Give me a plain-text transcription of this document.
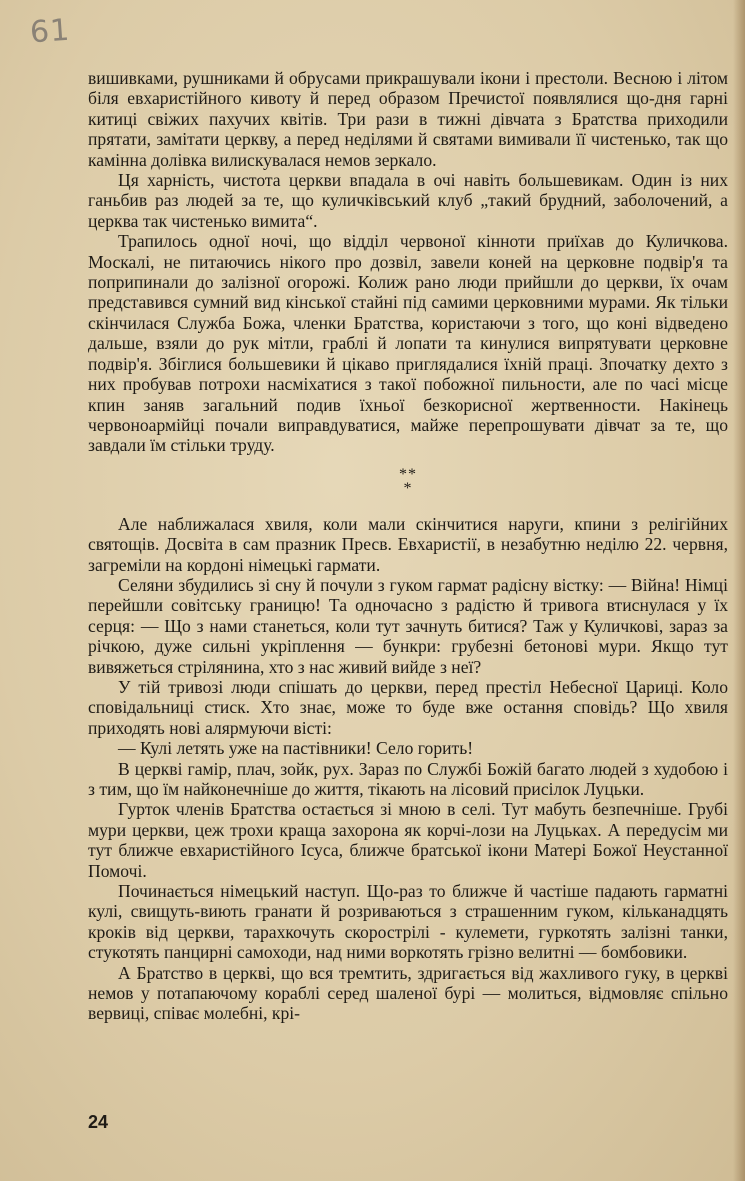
61

вишивками, рушниками й обрусами прикрашували ікони і престоли. Весною і літом біля евхаристійного кивоту й перед образом Пречистої появлялися що-дня гарні китиці свіжих пахучих квітів. Три рази в тижні дівчата з Братства приходили прятати, замітати церкву, а перед неділями й святами вимивали її чистенько, так що камінна долівка вилискувалася немов зеркало.

Ця харність, чистота церкви впадала в очі навіть большевикам. Один із них ганьбив раз людей за те, що куличківський клуб „такий брудний, заболочений, а церква так чистенько вимита“.

Трапилось одної ночі, що відділ червоної кінноти приїхав до Куличкова. Москалі, не питаючись нікого про дозвіл, завели коней на церковне подвір'я та поприпинали до залізної огорожі. Колиж рано люди прийшли до церкви, їх очам представився сумний вид кінської стайні під самими церковними мурами. Як тільки скінчилася Служба Божа, членки Братства, користаючи з того, що коні відведено дальше, взяли до рук мітли, граблі й лопати та кинулися випрятувати церковне подвір'я. Збіглися большевики й цікаво приглядалися їхній праці. Зпочатку дехто з них пробував потрохи насміхатися з такої побожної пильности, але по часі місце кпин заняв загальний подив їхньої безкорисної жертвенности. Накінець червоноармійці почали виправдуватися, майже перепрошувати дівчат за те, що завдали їм стільки труду.

**
*

Але наближалася хвиля, коли мали скінчитися наруги, кпини з релігійних святощів. Досвіта в сам празник Пресв. Евхаристії, в незабутню неділю 22. червня, загреміли на кордоні німецькі гармати.

Селяни збудились зі сну й почули з гуком гармат радісну вістку: — Війна! Німці перейшли совітську границю! Та одночасно з радістю й тривога втиснулася у їх серця: — Що з нами станеться, коли тут зачнуть битися? Таж у Куличкові, зараз за річкою, дуже сильні укріплення — бункри: грубезні бетонові мури. Якщо тут вивяжеться стрілянина, хто з нас живий вийде з неї?

У тій тривозі люди спішать до церкви, перед престіл Небесної Цариці. Коло сповідальниці стиск. Хто знає, може то буде вже остання сповідь? Що хвиля приходять нові алярмуючи вісті:

— Кулі летять уже на пастівники! Село горить!

В церкві гамір, плач, зойк, рух. Зараз по Службі Божій багато людей з худобою і з тим, що їм найконечніше до життя, тікають на лісовий присілок Луцьки.

Гурток членів Братства остається зі мною в селі. Тут мабуть безпечніше. Грубі мури церкви, цеж трохи краща захорона як корчі-лози на Луцьках. А передусім ми тут ближче евхаристійного Ісуса, ближче братської ікони Матері Божої Неустанної Помочі.

Починається німецький наступ. Що-раз то ближче й частіше падають гарматні кулі, свищуть-виють гранати й розриваються з страшенним гуком, кільканадцять кроків від церкви, тарахкочуть скорострілі - кулемети, гуркотять залізні танки, стукотять панцирні самоходи, над ними воркотять грізно велитні — бомбовики.

А Братство в церкві, що вся тремтить, здригається від жахливого гуку, в церкві немов у потапаючому кораблі серед шаленої бурі — молиться, відмовляє спільно вервиці, співає молебні, крі-

24
